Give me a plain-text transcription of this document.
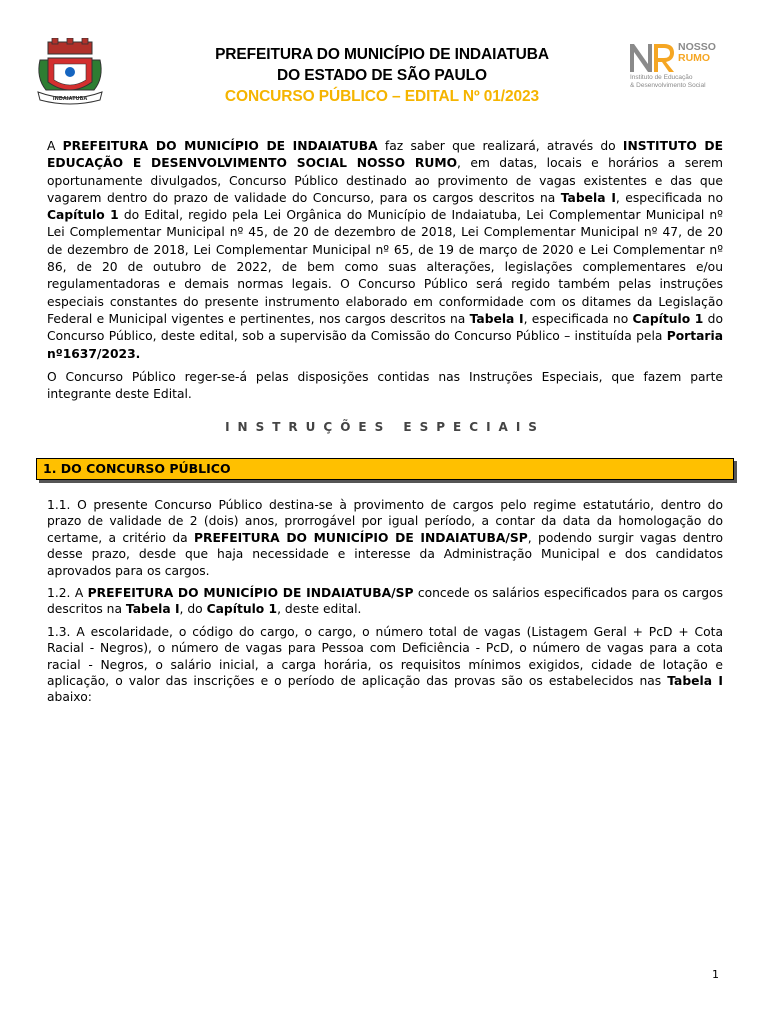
INDAIATUBA
PREFEITURA DO MUNICÍPIO DE INDAIATUBA
DO ESTADO DE SÃO PAULO
CONCURSO PÚBLICO – EDITAL Nº 01/2023
NOSSO
RUMO
Instituto de Educação
& Desenvolvimento Social

A PREFEITURA DO MUNICÍPIO DE INDAIATUBA faz saber que realizará, através do INSTITUTO DE EDUCAÇÃO E DESENVOLVIMENTO SOCIAL NOSSO RUMO, em datas, locais e horários a serem oportunamente divulgados, Concurso Público destinado ao provimento de vagas existentes e das que vagarem dentro do prazo de validade do Concurso, para os cargos descritos na Tabela I, especificada no Capítulo 1 do Edital, regido pela Lei Orgânica do Município de Indaiatuba, Lei Complementar Municipal nº Lei Complementar Municipal nº 45, de 20 de dezembro de 2018, Lei Complementar Municipal nº 47, de 20 de dezembro de 2018, Lei Complementar Municipal nº 65, de 19 de março de 2020 e Lei Complementar nº 86, de 20 de outubro de 2022, de bem como suas alterações, legislações complementares e/ou regulamentadoras e demais normas legais. O Concurso Público será regido também pelas instruções especiais constantes do presente instrumento elaborado em conformidade com os ditames da Legislação Federal e Municipal vigentes e pertinentes, nos cargos descritos na Tabela I, especificada no Capítulo 1 do Concurso Público, deste edital, sob a supervisão da Comissão do Concurso Público – instituída pela Portaria nº1637/2023.

O Concurso Público reger-se-á pelas disposições contidas nas Instruções Especiais, que fazem parte integrante deste Edital.

INSTRUÇÕES ESPECIAIS
1. DO CONCURSO PÚBLICO

1.1. O presente Concurso Público destina-se à provimento de cargos pelo regime estatutário, dentro do prazo de validade de 2 (dois) anos, prorrogável por igual período, a contar da data da homologação do certame, a critério da PREFEITURA DO MUNICÍPIO DE INDAIATUBA/SP, podendo surgir vagas dentro desse prazo, desde que haja necessidade e interesse da Administração Municipal e dos candidatos aprovados para os cargos.

1.2. A PREFEITURA DO MUNICÍPIO DE INDAIATUBA/SP concede os salários especificados para os cargos descritos na Tabela I, do Capítulo 1, deste edital.

1.3. A escolaridade, o código do cargo, o cargo, o número total de vagas (Listagem Geral + PcD + Cota Racial - Negros), o número de vagas para Pessoa com Deficiência - PcD, o número de vagas para a cota racial - Negros, o salário inicial, a carga horária, os requisitos mínimos exigidos, cidade de lotação e aplicação, o valor das inscrições e o período de aplicação das provas são os estabelecidos nas Tabela I abaixo:

1
